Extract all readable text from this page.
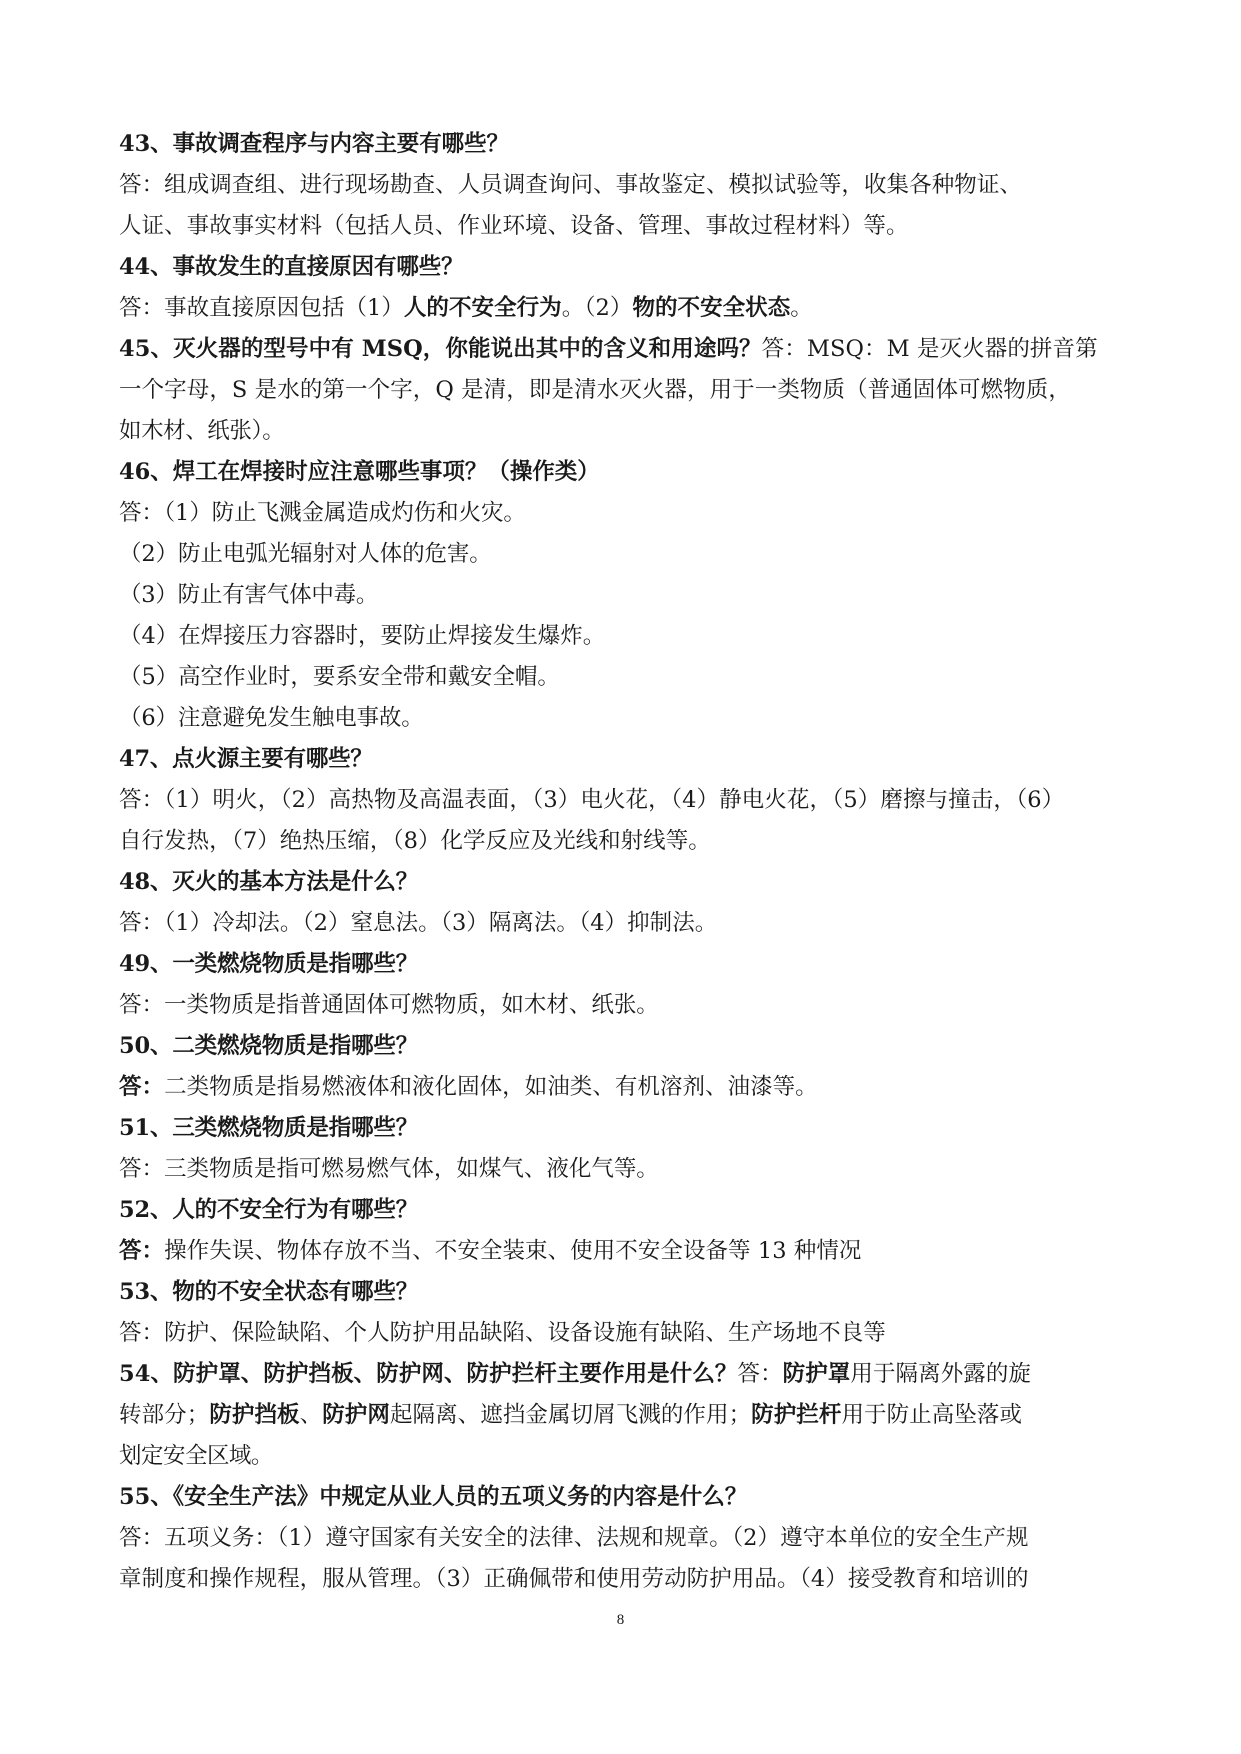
43、事故调查程序与内容主要有哪些？
答：组成调查组、进行现场勘查、人员调查询问、事故鉴定、模拟试验等，收集各种物证、
人证、事故事实材料（包括人员、作业环境、设备、管理、事故过程材料）等。
44、事故发生的直接原因有哪些？
答：事故直接原因包括（1）人的不安全行为。（2）物的不安全状态。
45、灭火器的型号中有 MSQ，你能说出其中的含义和用途吗？答：MSQ：M 是灭火器的拼音第
一个字母，S 是水的第一个字，Q 是清，即是清水灭火器，用于一类物质（普通固体可燃物质，
如木材、纸张）。
46、焊工在焊接时应注意哪些事项？（操作类）
答：（1）防止飞溅金属造成灼伤和火灾。
（2）防止电弧光辐射对人体的危害。
（3）防止有害气体中毒。
（4）在焊接压力容器时，要防止焊接发生爆炸。
（5）高空作业时，要系安全带和戴安全帽。
（6）注意避免发生触电事故。
47、点火源主要有哪些？
答：（1）明火，（2）高热物及高温表面，（3）电火花，（4）静电火花，（5）磨擦与撞击，（6）
自行发热，（7）绝热压缩，（8）化学反应及光线和射线等。
48、灭火的基本方法是什么？
答：（1）冷却法。（2）窒息法。（3）隔离法。（4）抑制法。
49、一类燃烧物质是指哪些？
答：一类物质是指普通固体可燃物质，如木材、纸张。
50、二类燃烧物质是指哪些？
答：二类物质是指易燃液体和液化固体，如油类、有机溶剂、油漆等。
51、三类燃烧物质是指哪些？
答：三类物质是指可燃易燃气体，如煤气、液化气等。
52、人的不安全行为有哪些？
答：操作失误、物体存放不当、不安全装束、使用不安全设备等 13 种情况
53、物的不安全状态有哪些？
答：防护、保险缺陷、个人防护用品缺陷、设备设施有缺陷、生产场地不良等
54、防护罩、防护挡板、防护网、防护拦杆主要作用是什么？答：防护罩用于隔离外露的旋
转部分；防护挡板、防护网起隔离、遮挡金属切屑飞溅的作用；防护拦杆用于防止高坠落或
划定安全区域。
55、《安全生产法》中规定从业人员的五项义务的内容是什么？
答：五项义务：（1）遵守国家有关安全的法律、法规和规章。（2）遵守本单位的安全生产规
章制度和操作规程，服从管理。（3）正确佩带和使用劳动防护用品。（4）接受教育和培训的
8
